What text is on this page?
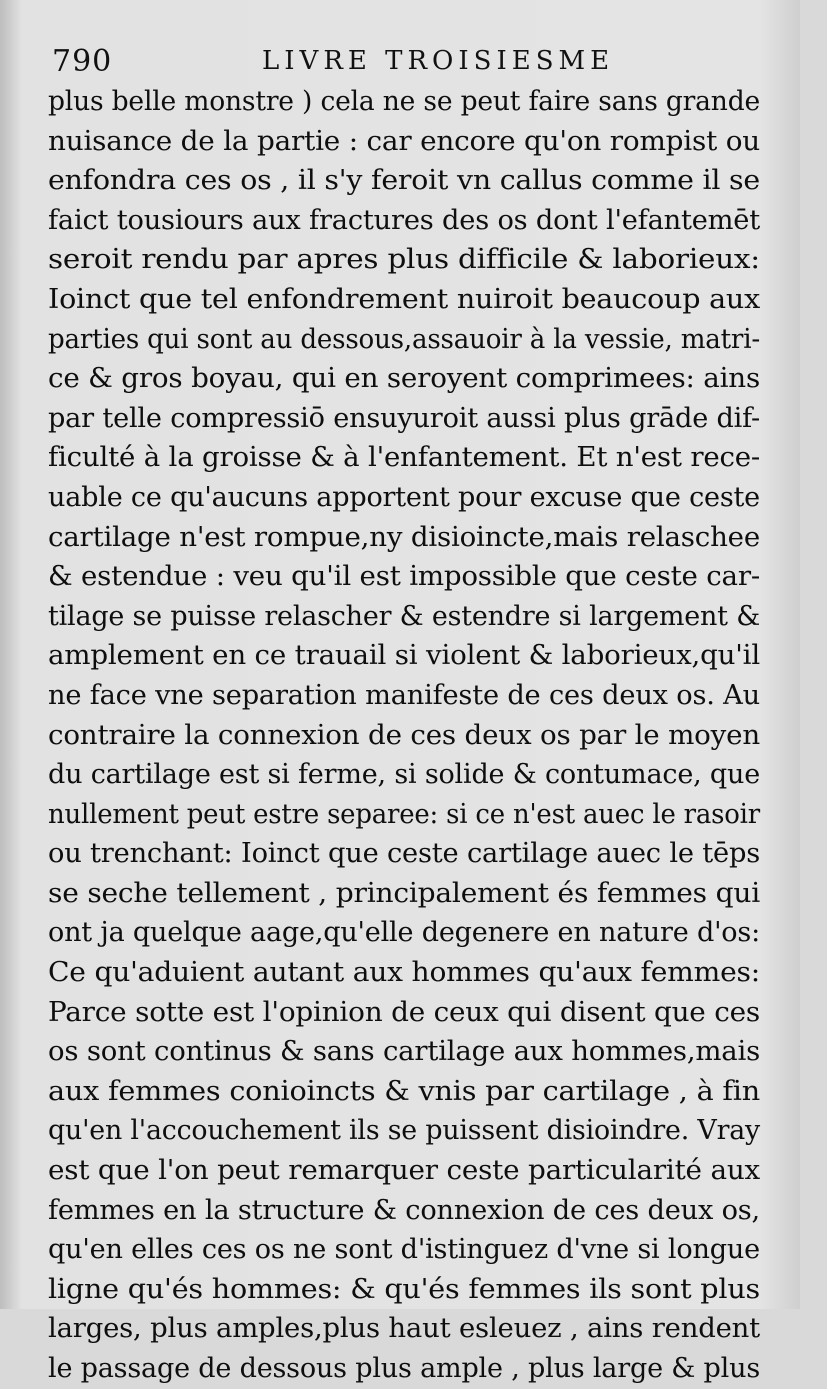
790	LIVRE TROISIESME
plus belle monstre ) cela ne se peut faire sans grande
nuisance de la partie : car encore qu'on rompist ou
enfondra ces os , il s'y feroit vn callus comme il se
faict tousiours aux fractures des os dont l'efantemēt
seroit rendu par apres plus difficile & laborieux:
Ioinct que tel enfondrement nuiroit beaucoup aux
parties qui sont au dessous,assauoir à la vessie, matri-
ce & gros boyau, qui en seroyent comprimees: ains
par telle compressiō ensuyuroit aussi plus grāde dif-
ficulté à la groisse & à l'enfantement. Et n'est rece-
uable ce qu'aucuns apportent pour excuse que ceste
cartilage n'est rompue,ny disioincte,mais relaschee
& estendue : veu qu'il est impossible que ceste car-
tilage se puisse relascher & estendre si largement &
amplement en ce trauail si violent & laborieux,qu'il
ne face vne separation manifeste de ces deux os. Au
contraire la connexion de ces deux os par le moyen
du cartilage est si ferme, si solide & contumace, que
nullement peut estre separee: si ce n'est auec le rasoir
ou trenchant: Ioinct que ceste cartilage auec le tēps
se seche tellement , principalement és femmes qui
ont ja quelque aage,qu'elle degenere en nature d'os:
Ce qu'aduient autant aux hommes qu'aux femmes:
Parce sotte est l'opinion de ceux qui disent que ces
os sont continus & sans cartilage aux hommes,mais
aux femmes conioincts & vnis par cartilage , à fin
qu'en l'accouchement ils se puissent disioindre. Vray
est que l'on peut remarquer ceste particularité aux
femmes en la structure & connexion de ces deux os,
qu'en elles ces os ne sont d'istinguez d'vne si longue
ligne qu'és hommes: & qu'és femmes ils sont plus
larges, plus amples,plus haut esleuez , ains rendent
le passage de dessous plus ample , plus large & plus
